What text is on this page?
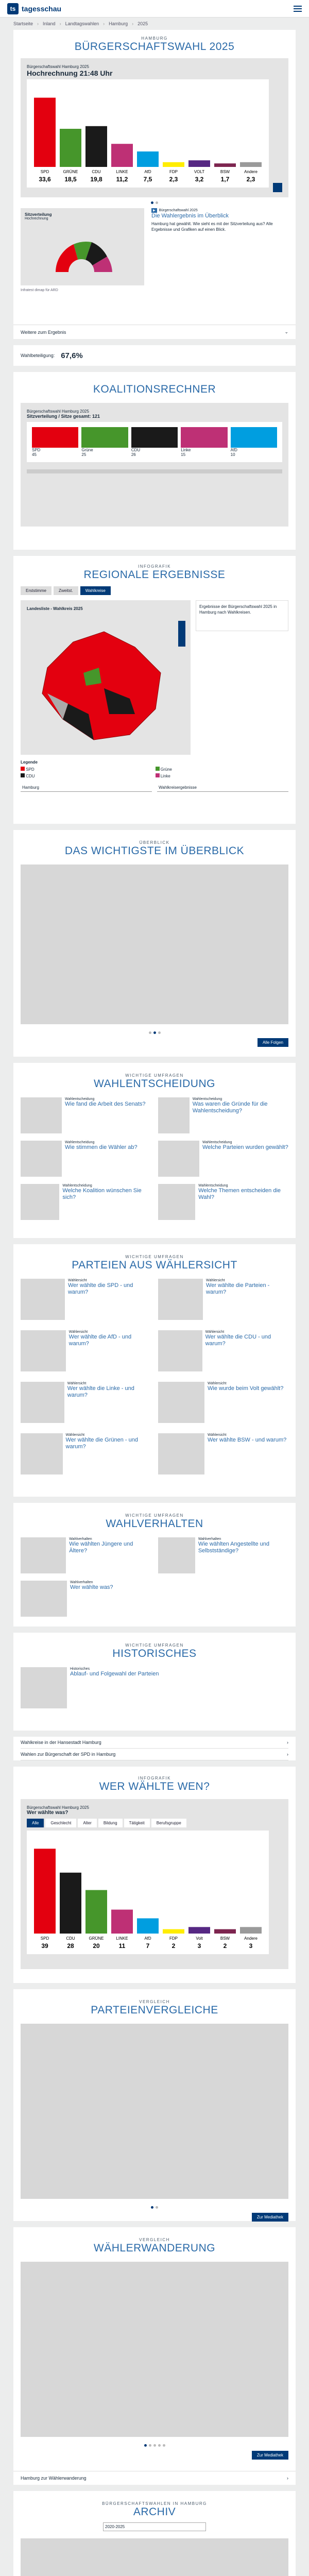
ts tagesschau
Startseite › Inland › Landtagswahlen › Hamburg › 2025
HAMBURG
BÜRGERSCHAFTSWAHL 2025
Bürgerschaftswahl Hamburg 2025
Hochrechnung 21:48 Uhr
SPD
33,6
GRÜNE
18,5
CDU
19,8
LINKE
11,2
AfD
7,5
FDP
2,3
VOLT
3,2
BSW
1,7
Andere
2,3
Sitzverteilung
Hochrechnung
▶	Bürgerschaftswahl 2025
Die Wahlergebnis im Überblick
Hamburg hat gewählt. Wie sieht es mit der Sitzverteilung aus? Alle Ergebnisse und Grafiken auf einen Blick.
Infratest dimap für ARD
Weitere zum Ergebnis	⌄
Wahlbeteiligung: 67,6%
KOALITIONSRECHNER
Bürgerschaftswahl Hamburg 2025
Sitzverteilung / Sitze gesamt: 121
SPD
45
Grüne
25
CDU
26
Linke
15
AfD
10
INFOGRAFIK
REGIONALE ERGEBNISSE
Erststimme	Zweitst.	Wahlkreise
Landesliste - Wahlkreis 2025	Ergebnisse der Bürgerschaftswahl 2025 in Hamburg nach Wahlkreisen.
Legende
SPD	Grüne
CDU	Linke
Hamburg	Wahlkreisergebnisse
ÜBERBLICK
DAS WICHTIGSTE IM ÜBERBLICK
Alle Folgen
WICHTIGE UMFRAGEN
WAHLENTSCHEIDUNG
Wahlentscheidung
Wie fand die Arbeit des Senats?
Wahlentscheidung
Was waren die Gründe für die Wahlentscheidung?
Wahlentscheidung
Wie stimmen die Wähler ab?
Wahlentscheidung
Welche Parteien wurden gewählt?
Wahlentscheidung
Welche Koalition wünschen Sie sich?
Wahlentscheidung
Welche Themen entscheiden die Wahl?
WICHTIGE UMFRAGEN
PARTEIEN AUS WÄHLERSICHT
Wählersicht
Wer wählte die SPD - und warum?
Wählersicht
Wer wählte die Parteien - warum?
Wählersicht
Wer wählte die AfD - und warum?
Wählersicht
Wer wählte die CDU - und warum?
Wählersicht
Wer wählte die Linke - und warum?
Wählersicht
Wie wurde beim Volt gewählt?
Wählersicht
Wer wählte die Grünen - und warum?
Wählersicht
Wer wählte BSW - und warum?
WICHTIGE UMFRAGEN
WAHLVERHALTEN
Wahlverhalten
Wie wählten Jüngere und Ältere?
Wahlverhalten
Wie wählten Angestellte und Selbstständige?
Wahlverhalten
Wer wählte was?
WICHTIGE UMFRAGEN
HISTORISCHES
Historisches
Ablauf- und Folgewahl der Parteien
Wahlkreise in der Hansestadt Hamburg	›
Wahlen zur Bürgerschaft der SPD in Hamburg	›
INFOGRAFIK
WER WÄHLTE WEN?
Bürgerschaftswahl Hamburg 2025
Wer wählte was?
Alle	Geschlecht	Alter	Bildung	Tätigkeit	Berufsgruppe
SPD
39
CDU
28
GRÜNE
20
LINKE
11
AfD
7
FDP
2
Volt
3
BSW
2
Andere
3
VERGLEICH
PARTEIENVERGLEICHE
Zur Mediathek
VERGLEICH
WÄHLERWANDERUNG
Zur Mediathek
Hamburg zur Wählerwanderung	›
BÜRGERSCHAFTSWAHLEN IN HAMBURG
ARCHIV
2020-2025
